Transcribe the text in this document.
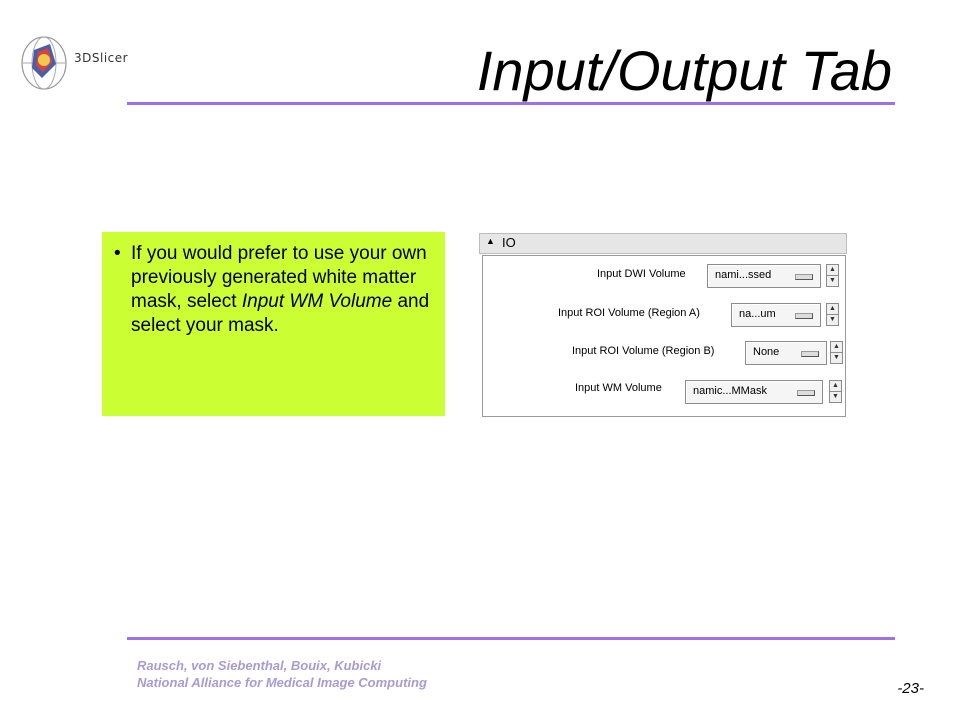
3DSlicer	Input/Output Tab
• If you would prefer to use your own previously generated white matter mask, select Input WM Volume and select your mask.
▲ IO
Input DWI Volume	nami...ssed	▲
▼
Input ROI Volume (Region A)	na...um	▲
▼
Input ROI Volume (Region B)	None	▲
▼
Input WM Volume	namic...MMask	▲
▼
Rausch, von Siebenthal, Bouix, Kubicki
National Alliance for Medical Image Computing	-23-
